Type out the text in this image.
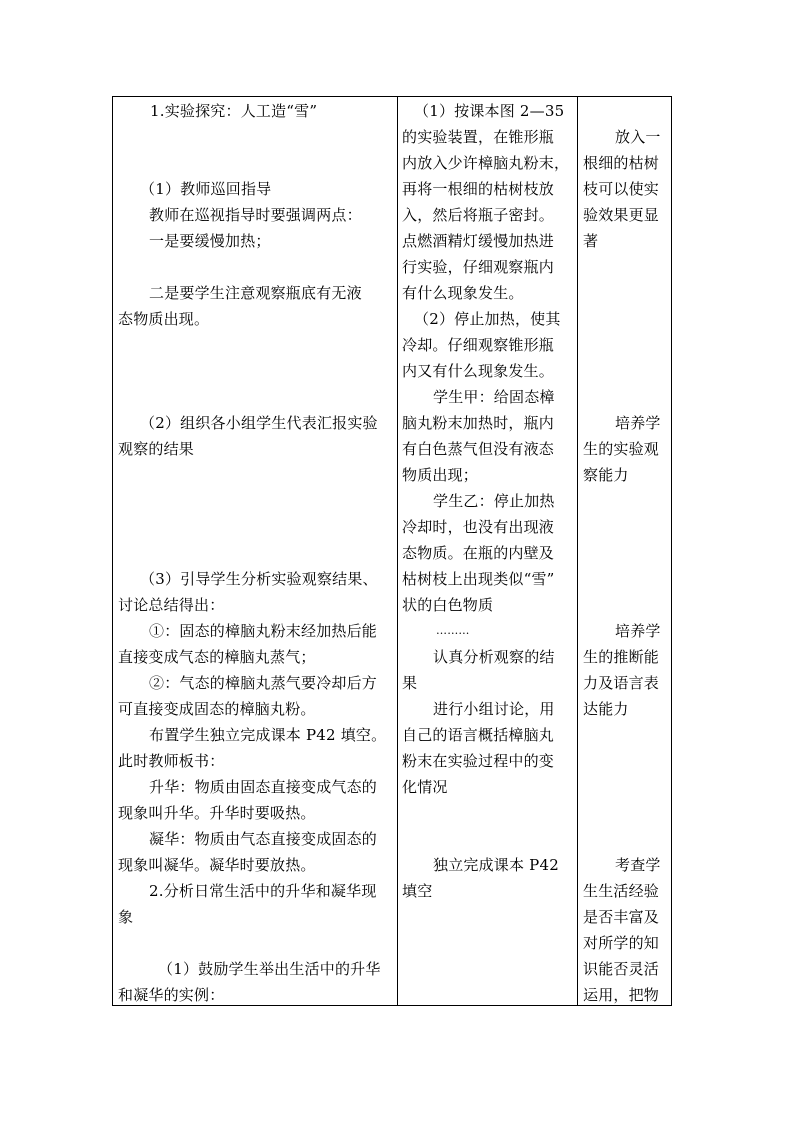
1.实验探究：人工造“雪”
（1）教师巡回指导
教师在巡视指导时要强调两点：
一是要缓慢加热；
二是要学生注意观察瓶底有无液
态物质出现。
（2）组织各小组学生代表汇报实验
观察的结果
（3）引导学生分析实验观察结果、
讨论总结得出：
①：固态的樟脑丸粉末经加热后能
直接变成气态的樟脑丸蒸气；
②：气态的樟脑丸蒸气要冷却后方
可直接变成固态的樟脑丸粉。
布置学生独立完成课本 P42 填空。
此时教师板书：
升华：物质由固态直接变成气态的
现象叫升华。升华时要吸热。
凝华：物质由气态直接变成固态的
现象叫凝华。凝华时要放热。
2.分析日常生活中的升华和凝华现
象
（1）鼓励学生举出生活中的升华
和凝华的实例：
（1）按课本图 2—35
的实验装置，在锥形瓶
内放入少许樟脑丸粉末，
再将一根细的枯树枝放
入，然后将瓶子密封。
点燃酒精灯缓慢加热进
行实验，仔细观察瓶内
有什么现象发生。
（2）停止加热，使其
冷却。仔细观察锥形瓶
内又有什么现象发生。
学生甲：给固态樟
脑丸粉末加热时，瓶内
有白色蒸气但没有液态
物质出现；
学生乙：停止加热
冷却时，也没有出现液
态物质。在瓶的内壁及
枯树枝上出现类似“雪”
状的白色物质
………
认真分析观察的结
果
进行小组讨论，用
自己的语言概括樟脑丸
粉末在实验过程中的变
化情况
独立完成课本 P42
填空
放入一
根细的枯树
枝可以使实
验效果更显
著
培养学
生的实验观
察能力
培养学
生的推断能
力及语言表
达能力
考查学
生生活经验
是否丰富及
对所学的知
识能否灵活
运用，把物
